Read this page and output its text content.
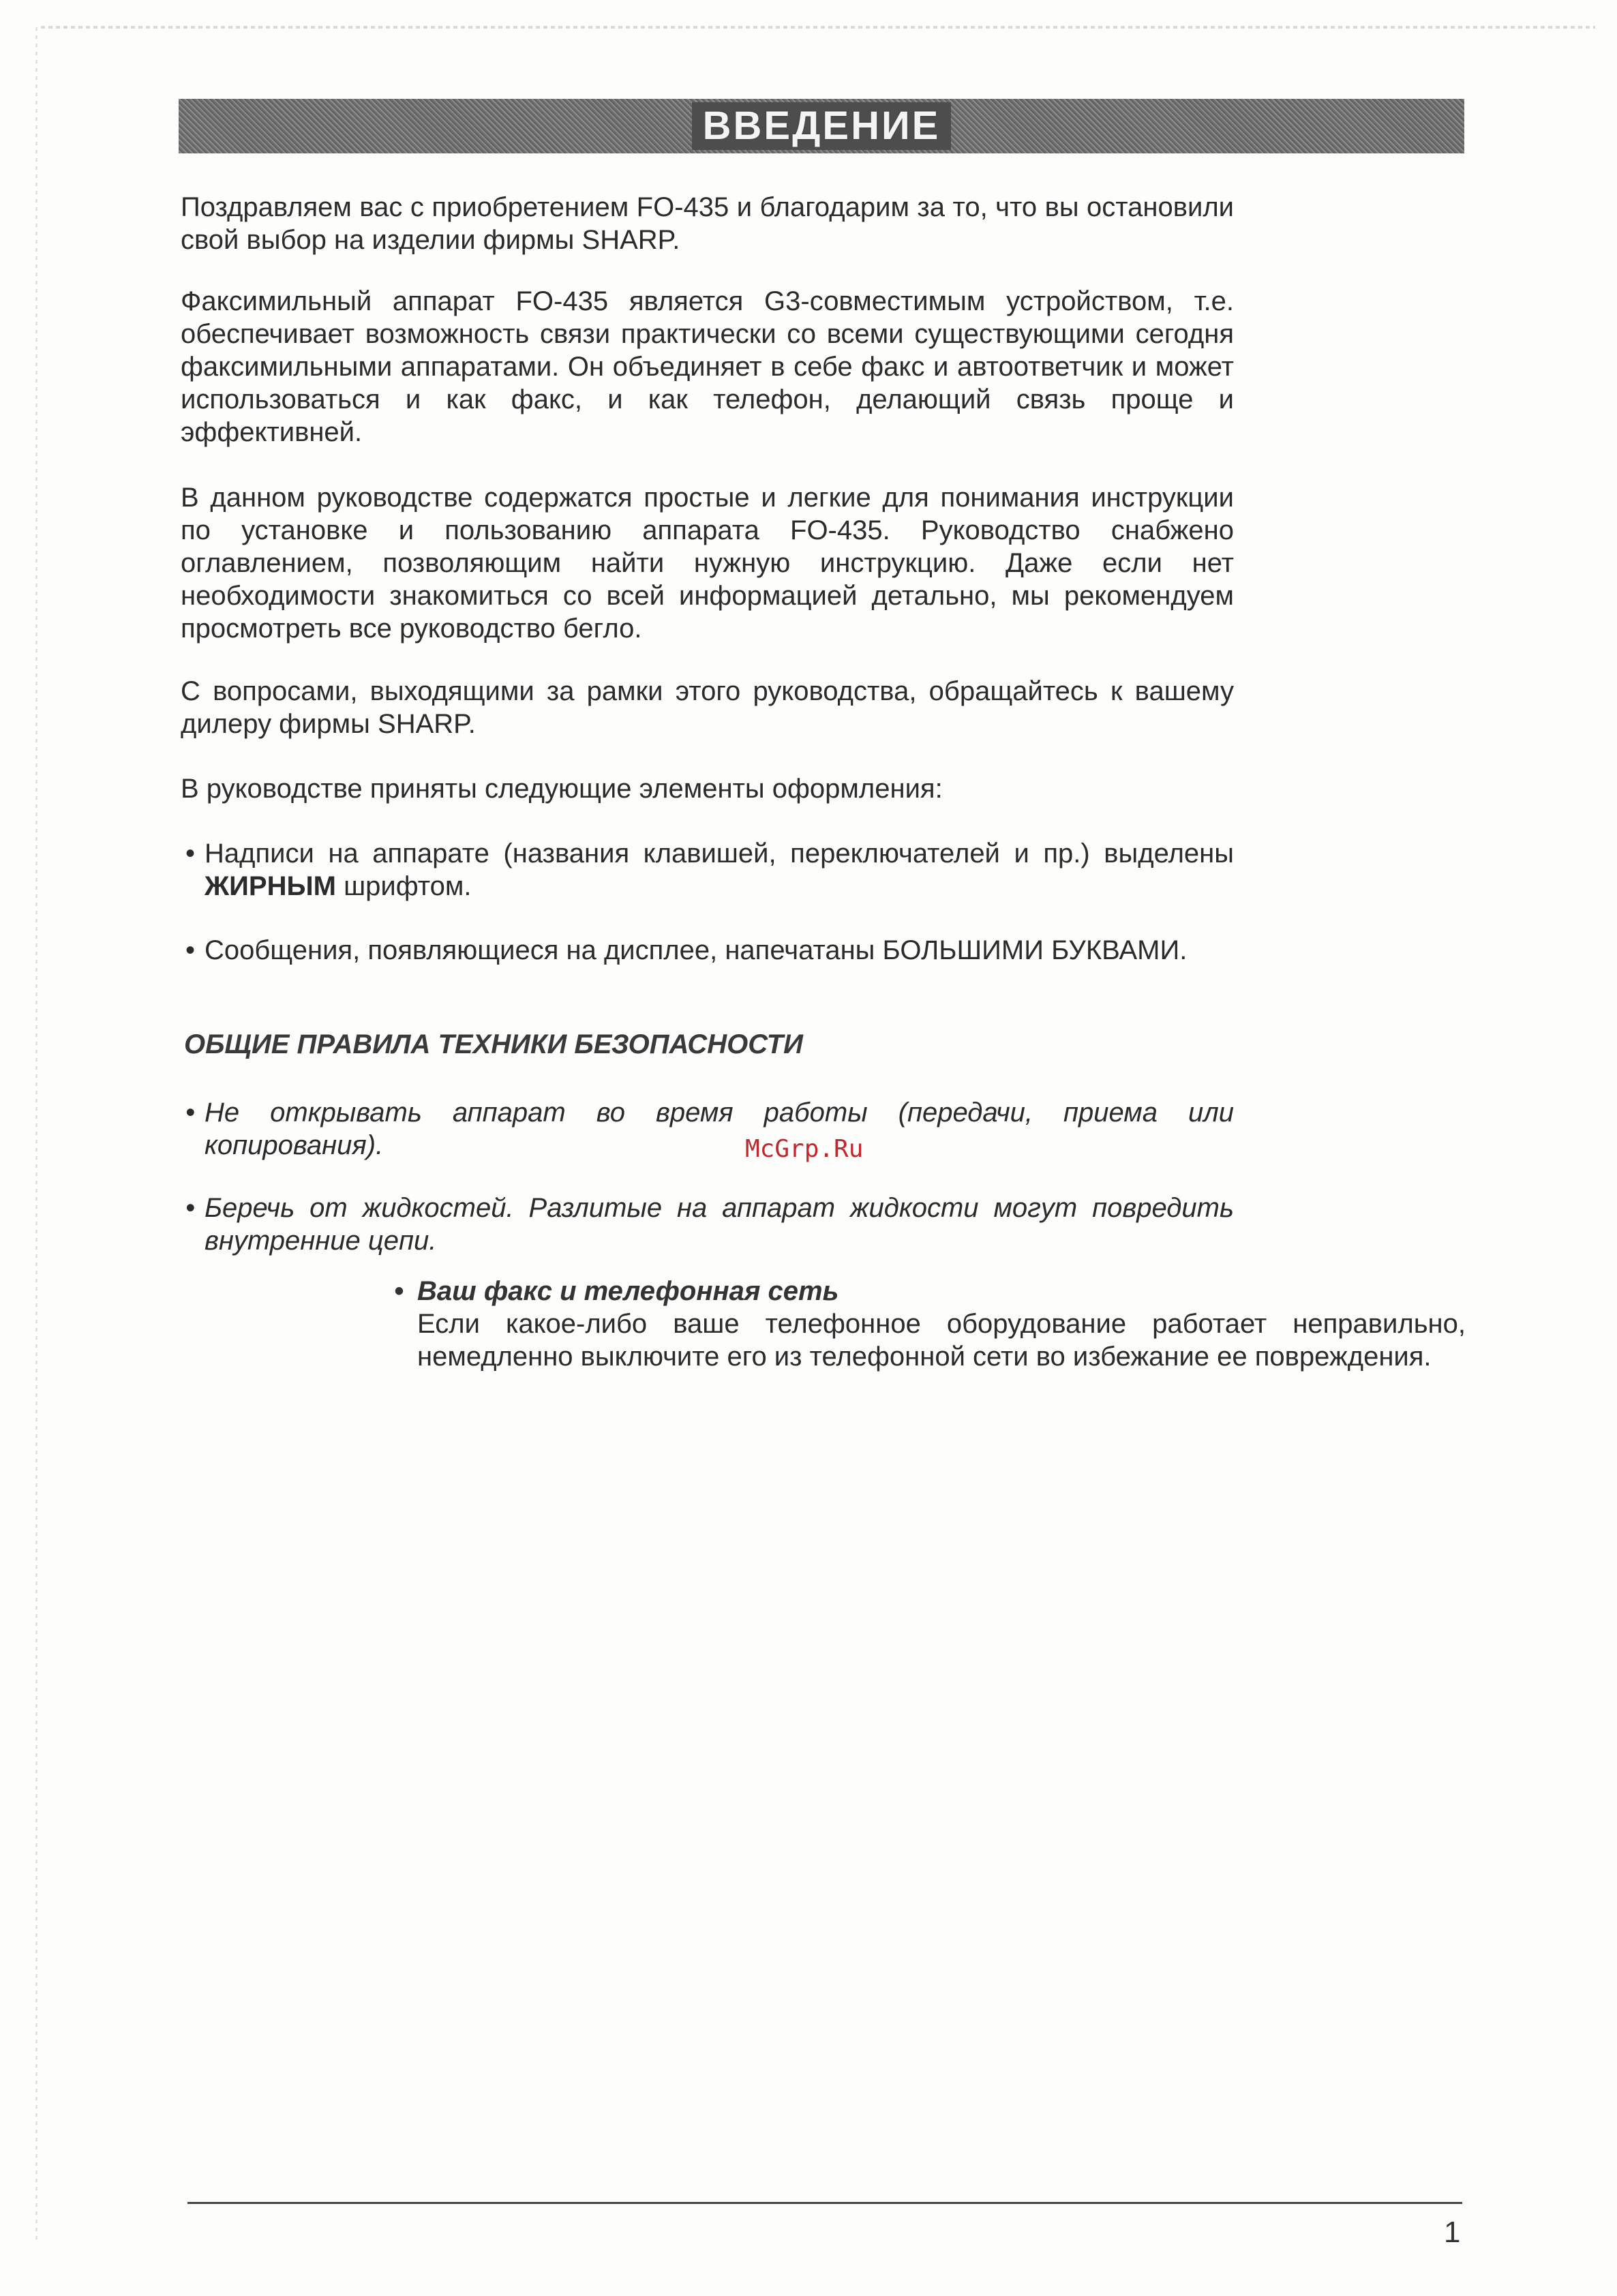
ВВЕДЕНИЕ

Поздравляем вас с приобретением FO-435 и благодарим за то, что вы остановили свой выбор на изделии фирмы SHARP.

Факсимильный аппарат FO-435 является G3-совместимым устройством, т.е. обеспечивает возможность связи практически со всеми существующими сегодня факсимильными аппаратами. Он объединяет в себе факс и автоответчик и может использоваться и как факс, и как телефон, делающий связь проще и эффективней.

В данном руководстве содержатся простые и легкие для понимания инструкции по установке и пользованию аппарата FO-435. Руководство снабжено оглавлением, позволяющим найти нужную инструкцию. Даже если нет необходимости знакомиться со всей информацией детально, мы рекомендуем просмотреть все руководство бегло.

С вопросами, выходящими за рамки этого руководства, обращайтесь к вашему дилеру фирмы SHARP.

В руководстве приняты следующие элементы оформления:

• Надписи на аппарате (названия клавишей, переключателей и пр.) выделены ЖИРНЫМ шрифтом.
• Сообщения, появляющиеся на дисплее, напечатаны БОЛЬШИМИ БУКВАМИ.

ОБЩИЕ ПРАВИЛА ТЕХНИКИ БЕЗОПАСНОСТИ

• Не открывать аппарат во время работы (передачи, приема или копирования).	McGrp.Ru

• Беречь от жидкостей. Разлитые на аппарат жидкости могут повредить внутренние цепи.
• Ваш факс и телефонная сеть
Если какое-либо ваше телефонное оборудование работает неправильно, немедленно выключите его из телефонной сети во избежание ее повреждения.

1
